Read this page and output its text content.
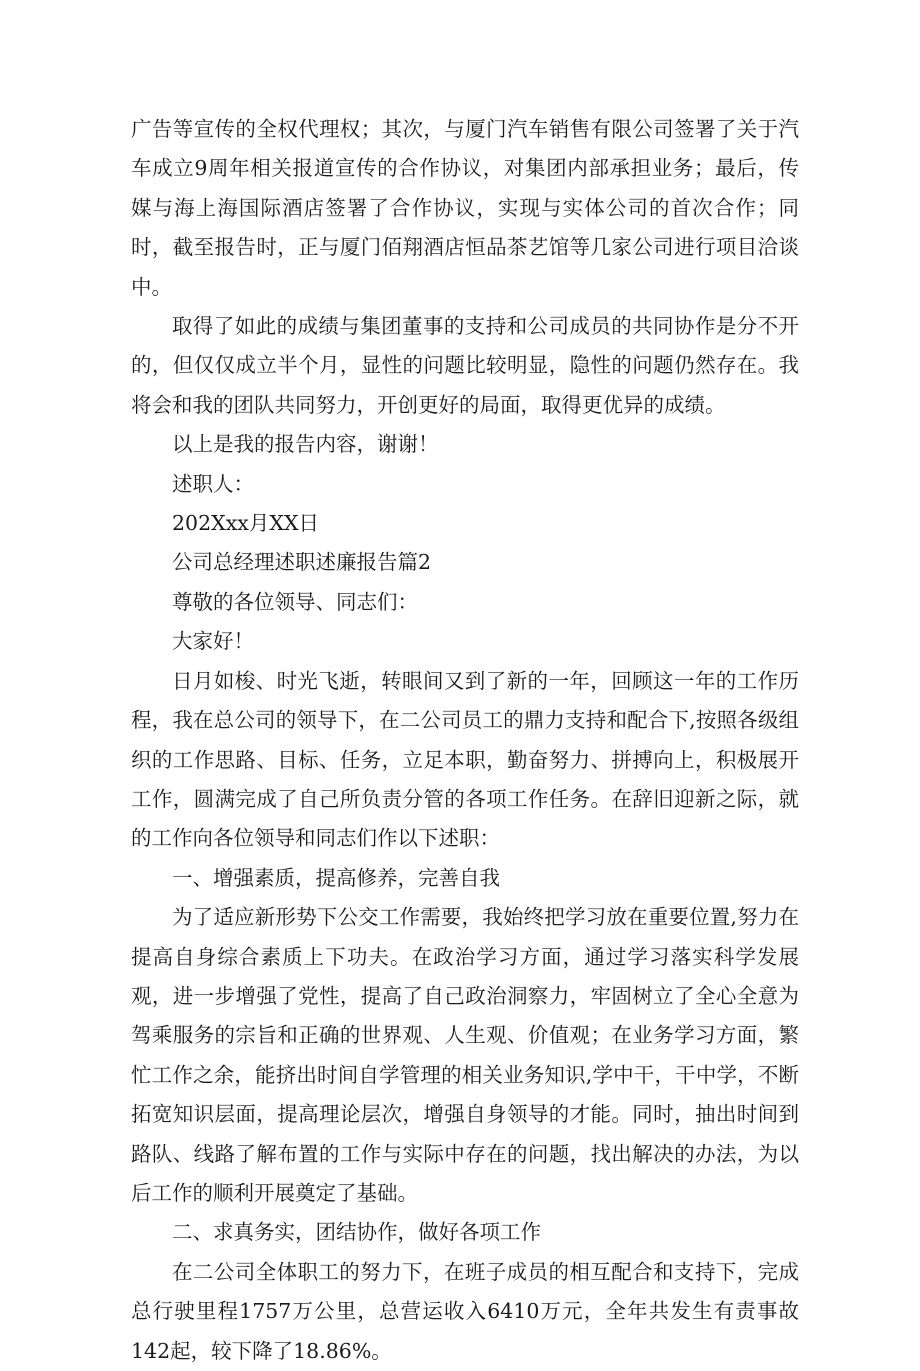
广告等宣传的全权代理权；其次，与厦门汽车销售有限公司签署了关于汽车成立9周年相关报道宣传的合作协议，对集团内部承担业务；最后，传媒与海上海国际酒店签署了合作协议，实现与实体公司的首次合作；同时，截至报告时，正与厦门佰翔酒店恒品茶艺馆等几家公司进行项目洽谈中。

取得了如此的成绩与集团董事的支持和公司成员的共同协作是分不开的，但仅仅成立半个月，显性的问题比较明显，隐性的问题仍然存在。我将会和我的团队共同努力，开创更好的局面，取得更优异的成绩。

以上是我的报告内容，谢谢！

述职人：

202Xxx月XX日

公司总经理述职述廉报告篇2

尊敬的各位领导、同志们：

大家好！

日月如梭、时光飞逝，转眼间又到了新的一年，回顾这一年的工作历程，我在总公司的领导下，在二公司员工的鼎力支持和配合下,按照各级组织的工作思路、目标、任务，立足本职，勤奋努力、拼搏向上，积极展开工作，圆满完成了自己所负责分管的各项工作任务。在辞旧迎新之际，就的工作向各位领导和同志们作以下述职：

一、增强素质，提高修养，完善自我

为了适应新形势下公交工作需要，我始终把学习放在重要位置,努力在提高自身综合素质上下功夫。在政治学习方面，通过学习落实科学发展观，进一步增强了党性，提高了自己政治洞察力，牢固树立了全心全意为驾乘服务的宗旨和正确的世界观、人生观、价值观；在业务学习方面，繁忙工作之余，能挤出时间自学管理的相关业务知识,学中干，干中学，不断拓宽知识层面，提高理论层次，增强自身领导的才能。同时，抽出时间到路队、线路了解布置的工作与实际中存在的问题，找出解决的办法，为以后工作的顺利开展奠定了基础。

二、求真务实，团结协作，做好各项工作

在二公司全体职工的努力下，在班子成员的相互配合和支持下，完成总行驶里程1757万公里，总营运收入6410万元，全年共发生有责事故142起，较下降了18.86%。
